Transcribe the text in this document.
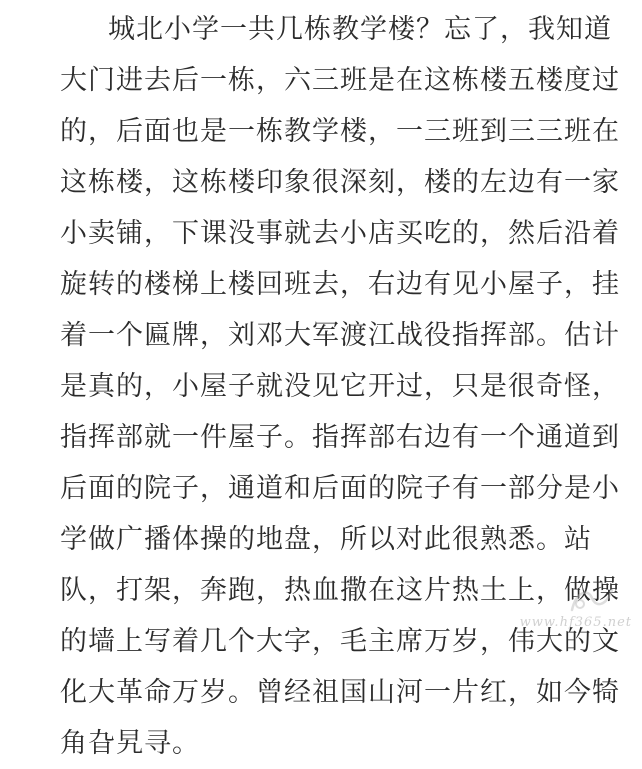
城北小学一共几栋教学楼？忘了，我知道
大门进去后一栋，六三班是在这栋楼五楼度过
的，后面也是一栋教学楼，一三班到三三班在
这栋楼，这栋楼印象很深刻，楼的左边有一家
小卖铺，下课没事就去小店买吃的，然后沿着
旋转的楼梯上楼回班去，右边有见小屋子，挂
着一个匾牌，刘邓大军渡江战役指挥部。估计
是真的，小屋子就没见它开过，只是很奇怪，
指挥部就一件屋子。指挥部右边有一个通道到
后面的院子，通道和后面的院子有一部分是小
学做广播体操的地盘，所以对此很熟悉。站
队，打架，奔跑，热血撒在这片热土上，做操
的墙上写着几个大字，毛主席万岁，伟大的文
化大革命万岁。曾经祖国山河一片红，如今犄
角旮旯寻。
www.hf365.net
